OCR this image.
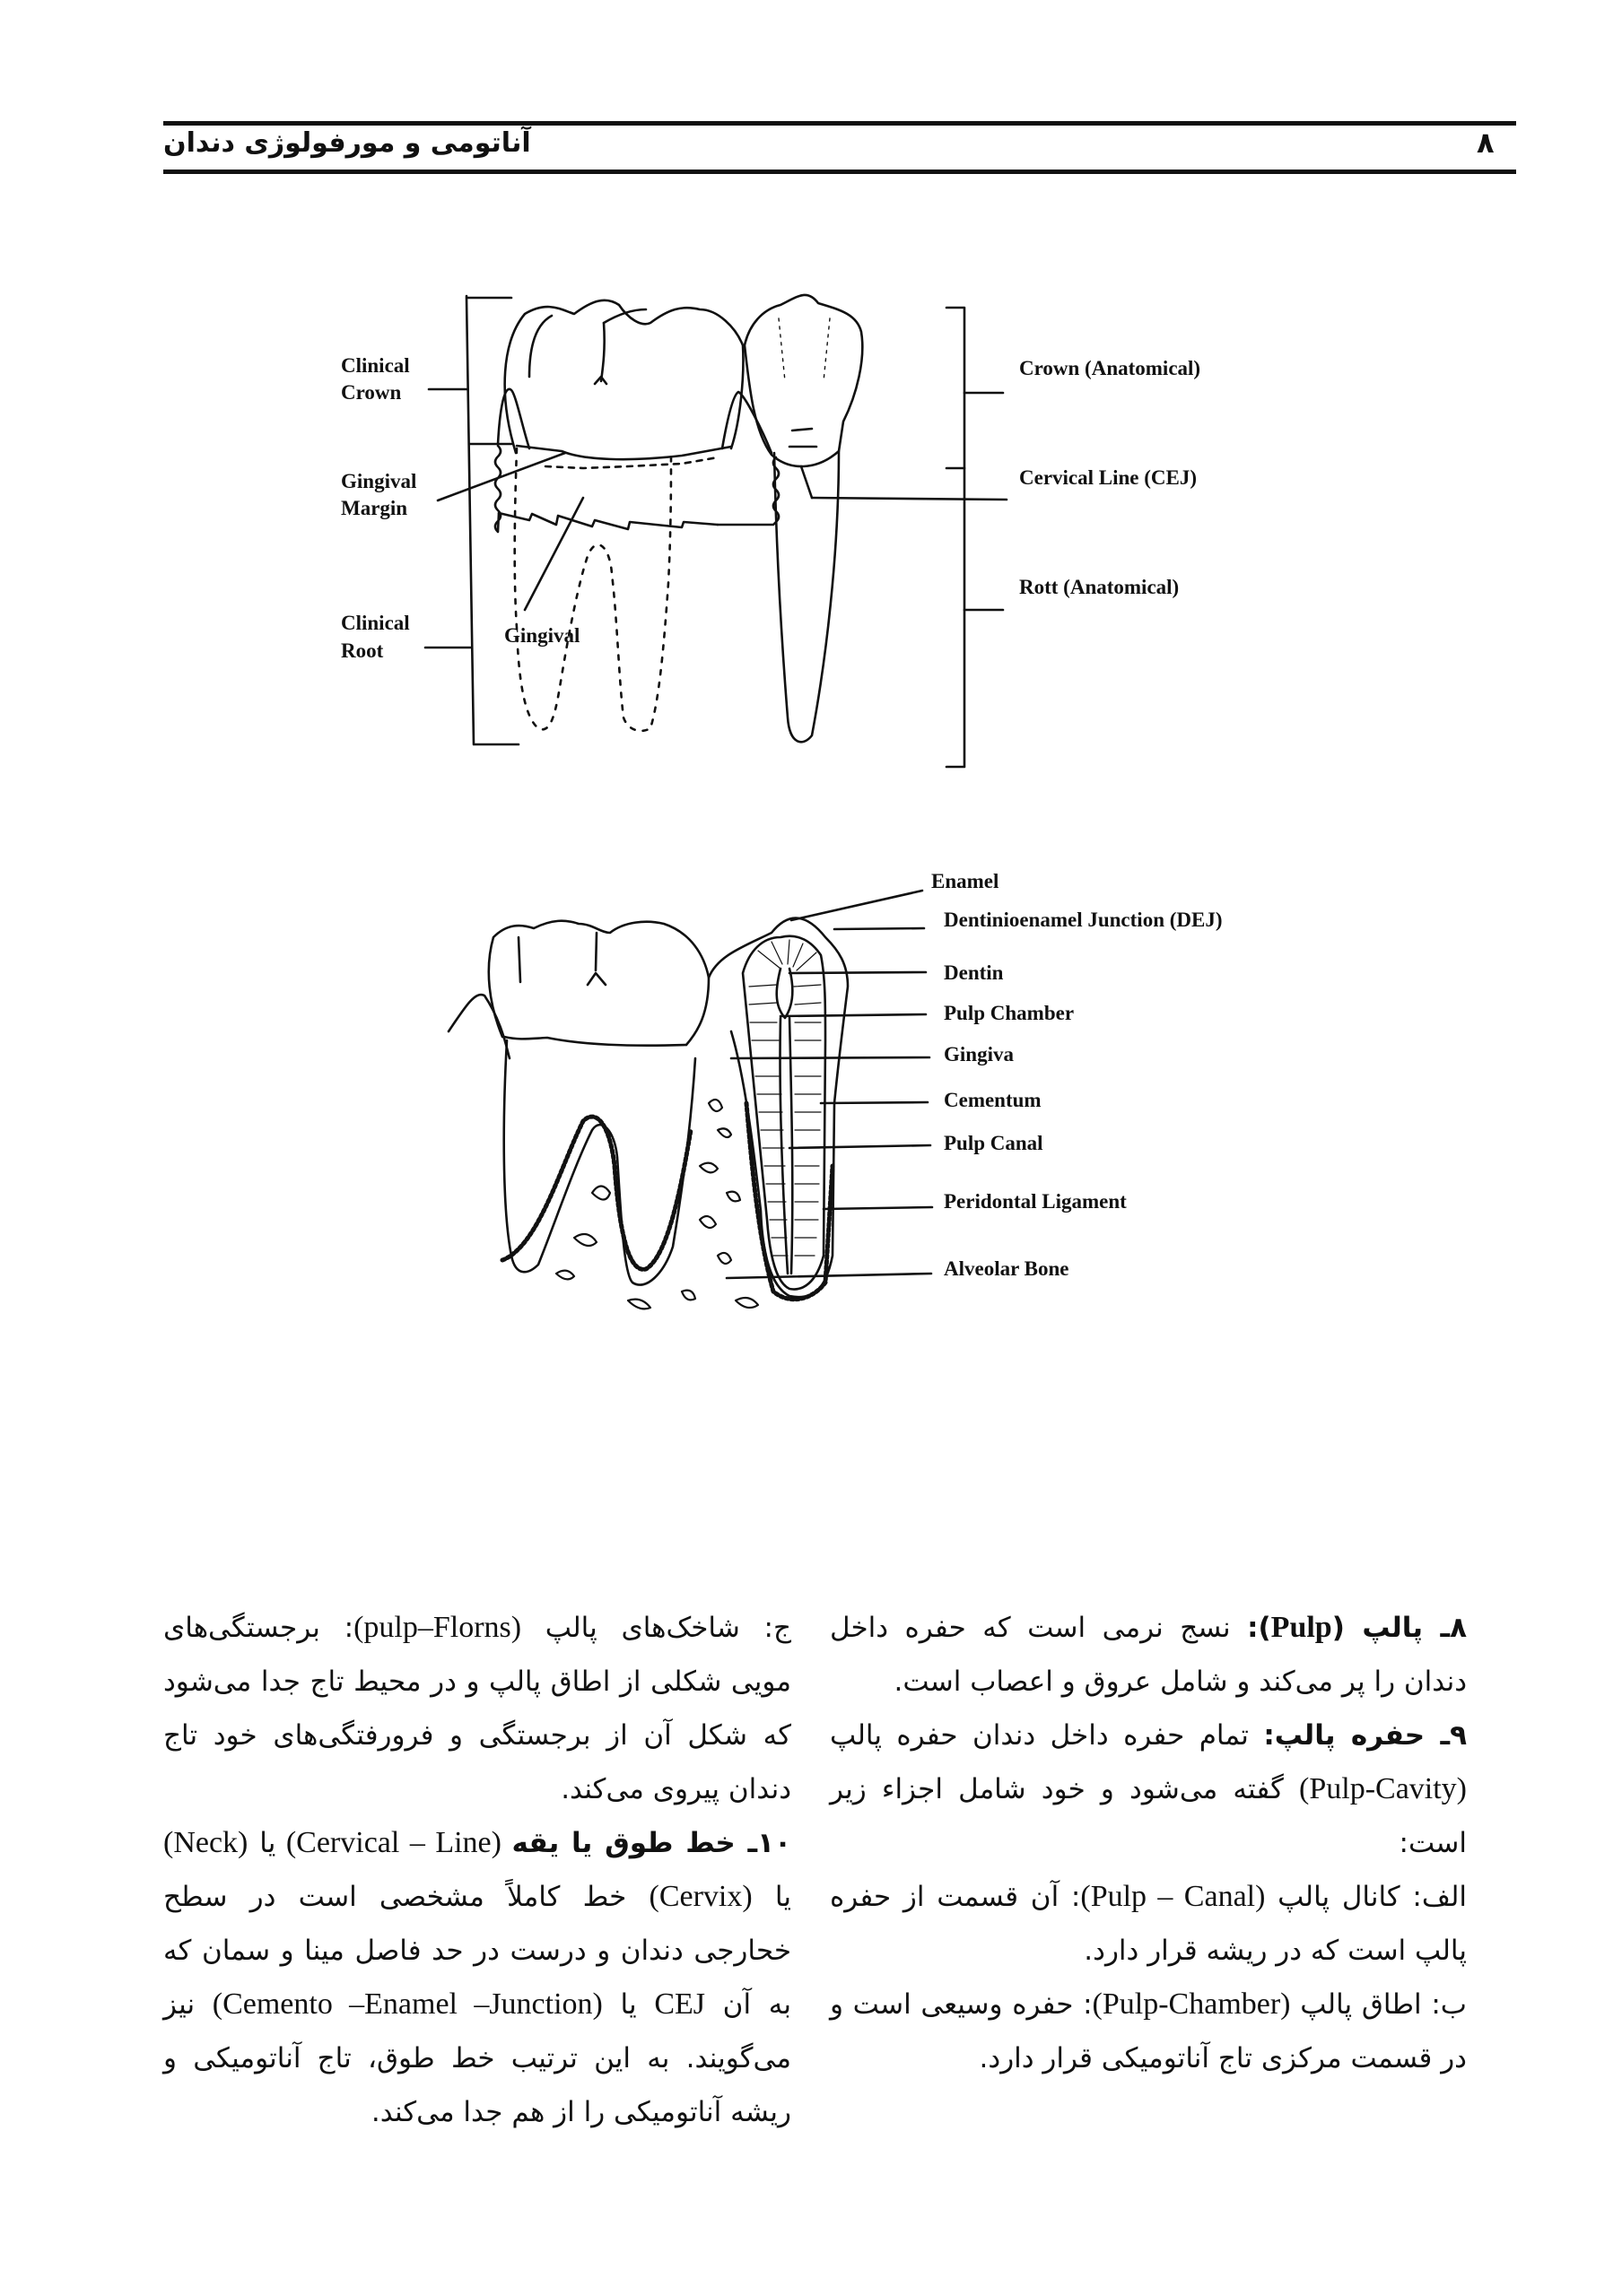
آناتومی و مورفولوژی دندان	۸
Clinical
Crown
Gingival
Margin
Clinical
Root
Gingival
Crown (Anatomical)
Cervical Line (CEJ)
Rott (Anatomical)
Enamel
Dentinioenamel Junction (DEJ)
Dentin
Pulp Chamber
Gingiva
Cementum
Pulp Canal
Peridontal Ligament
Alveolar Bone

۸ـ پالپ (Pulp): نسج نرمی است که حفره داخل دندان را پر می‌کند و شامل عروق و اعصاب است.

۹ـ حفره پالپ: تمام حفره داخل دندان حفره پالپ (Pulp-Cavity) گفته می‌شود و خود شامل اجزاء زیر است:

الف: کانال پالپ (Pulp – Canal): آن قسمت از حفره پالپ است که در ریشه قرار دارد.

ب: اطاق پالپ (Pulp-Chamber): حفره وسیعی است و در قسمت مرکزی تاج آناتومیکی قرار دارد.

ج: شاخک‌های پالپ (pulp–Florns): برجستگی‌های مویی شکلی از اطاق پالپ و در محیط تاج جدا می‌شود که شکل آن از برجستگی و فرورفتگی‌های خود تاج دندان پیروی می‌کند.

۱۰ـ خط طوق یا یقه (Cervical – Line) یا (Neck) یا (Cervix) خط کاملاً مشخصی است در سطح خحارجی دندان و درست در حد فاصل مینا و سمان که به آن CEJ یا (Cemento –Enamel –Junction) نیز می‌گویند. به این ترتیب خط طوق، تاج آناتومیکی و ریشه آناتومیکی را از هم جدا می‌کند.
